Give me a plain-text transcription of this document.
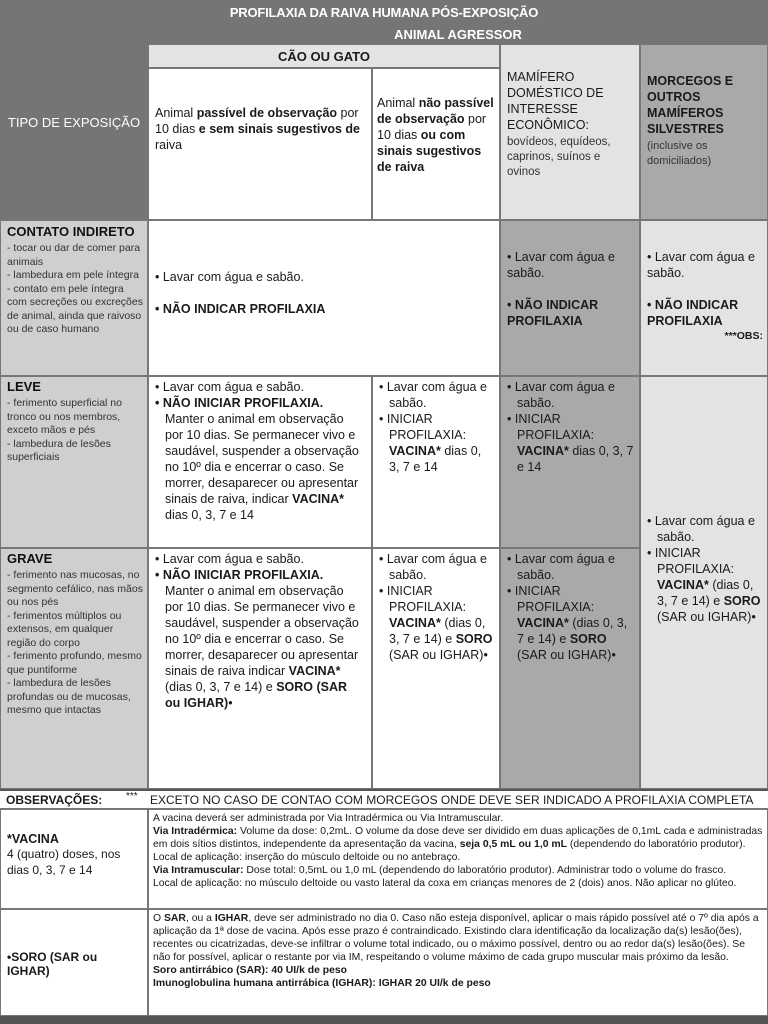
PROFILAXIA DA RAIVA HUMANA PÓS-EXPOSIÇÃO
TIPO DE EXPOSIÇÃO
ANIMAL AGRESSOR
CÃO OU GATO
Animal passível de observação por 10 dias e sem sinais sugestivos de raiva
Animal não passível de observação por 10 dias ou com sinais sugestivos de raiva
MAMÍFERO DOMÉSTICO DE INTERESSE ECONÔMICO:
bovídeos, equídeos, caprinos, suínos e ovinos
MORCEGOS E OUTROS MAMÍFEROS SILVESTRES
(inclusive os domiciliados)
CONTATO INDIRETO
- tocar ou dar de comer para animais
- lambedura em pele íntegra
- contato em pele íntegra com secreções ou excreções de animal, ainda que raivoso ou de caso humano
• Lavar com água e sabão.
• NÃO INDICAR PROFILAXIA
• Lavar com água e sabão.
• NÃO INDICAR PROFILAXIA
• Lavar com água e sabão.
• NÃO INDICAR PROFILAXIA
***OBS:
LEVE
- ferimento superficial no tronco ou nos membros, exceto mãos e pés
- lambedura de lesões superficiais
• Lavar com água e sabão.
• NÃO INICIAR PROFILAXIA. Manter o animal em observação por 10 dias. Se permanecer vivo e saudável, suspender a observação no 10º dia e encerrar o caso. Se morrer, desaparecer ou apresentar sinais de raiva, indicar VACINA* dias 0, 3, 7 e 14
• Lavar com água e sabão.
• INICIAR PROFILAXIA:
VACINA* dias 0, 3, 7 e 14
• Lavar com água e sabão.
• INICIAR PROFILAXIA:
VACINA* dias 0, 3, 7 e 14
• Lavar com água e sabão.
• INICIAR PROFILAXIA:
VACINA* (dias 0, 3, 7 e 14) e SORO (SAR ou IGHAR)•
GRAVE
- ferimento nas mucosas, no segmento cefálico, nas mãos ou nos pés
- ferimentos múltiplos ou extensos, em qualquer região do corpo
- ferimento profundo, mesmo que puntiforme
- lambedura de lesões profundas ou de mucosas, mesmo que intactas
• Lavar com água e sabão.
• NÃO INICIAR PROFILAXIA. Manter o animal em observação por 10 dias. Se permanecer vivo e saudável, suspender a observação no 10º dia e encerrar o caso. Se morrer, desaparecer ou apresentar sinais de raiva indicar VACINA* (dias 0, 3, 7 e 14) e SORO (SAR ou IGHAR)•
• Lavar com água e sabão.
• INICIAR PROFILAXIA:
VACINA* (dias 0, 3, 7 e 14) e SORO (SAR ou IGHAR)•
• Lavar com água e sabão.
• INICIAR PROFILAXIA:
VACINA* (dias 0, 3, 7 e 14) e SORO (SAR ou IGHAR)•
OBSERVAÇÕES: *** EXCETO NO CASO DE CONTAO COM MORCEGOS ONDE DEVE SER INDICADO A PROFILAXIA COMPLETA
*VACINA
4 (quatro) doses, nos dias 0, 3, 7 e 14
A vacina deverá ser administrada por Via Intradérmica ou Via Intramuscular.
Via Intradérmica: Volume da dose: 0,2mL. O volume da dose deve ser dividido em duas aplicações de 0,1mL cada e administradas em dois sítios distintos, independente da apresentação da vacina, seja 0,5 mL ou 1,0 mL (dependendo do laboratório produtor).
Local de aplicação: inserção do músculo deltoide ou no antebraço.
Via Intramuscular: Dose total: 0,5mL ou 1,0 mL (dependendo do laboratório produtor). Administrar todo o volume do frasco.
Local de aplicação: no músculo deltoide ou vasto lateral da coxa em crianças menores de 2 (dois) anos. Não aplicar no glúteo.
•SORO (SAR ou IGHAR)
O SAR, ou a IGHAR, deve ser administrado no dia 0. Caso não esteja disponível, aplicar o mais rápido possível até o 7º dia após a aplicação da 1ª dose de vacina. Após esse prazo é contraindicado. Existindo clara identificação da localização da(s) lesão(ões), recentes ou cicatrizadas, deve-se infiltrar o volume total indicado, ou o máximo possível, dentro ou ao redor da(s) lesão(ões). Se não for possível, aplicar o restante por via IM, respeitando o volume máximo de cada grupo muscular mais próximo da lesão.
Soro antirrábico (SAR): 40 UI/k de peso
Imunoglobulina humana antirrábica (IGHAR): IGHAR 20 UI/k de peso
